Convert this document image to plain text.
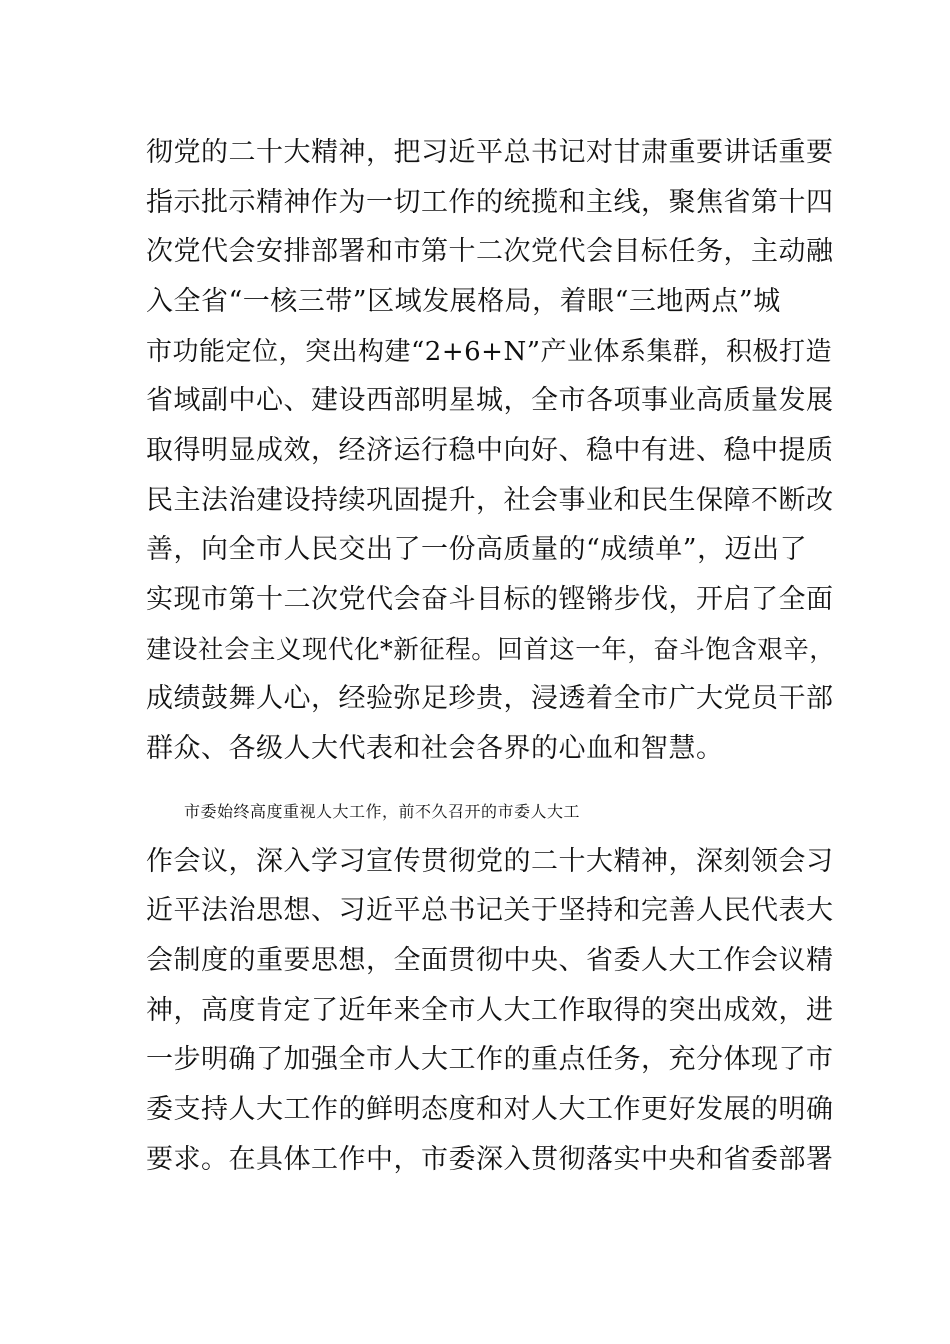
彻党的二十大精神，把习近平总书记对甘肃重要讲话重要
指示批示精神作为一切工作的统揽和主线，聚焦省第十四
次党代会安排部署和市第十二次党代会目标任务，主动融
入全省“一核三带”区域发展格局，着眼“三地两点”城
市功能定位，突出构建“2+6+N”产业体系集群，积极打造
省域副中心、建设西部明星城，全市各项事业高质量发展
取得明显成效，经济运行稳中向好、稳中有进、稳中提质
民主法治建设持续巩固提升，社会事业和民生保障不断改
善，向全市人民交出了一份高质量的“成绩单”，迈出了
实现市第十二次党代会奋斗目标的铿锵步伐，开启了全面
建设社会主义现代化*新征程。回首这一年，奋斗饱含艰辛，
成绩鼓舞人心，经验弥足珍贵，浸透着全市广大党员干部
群众、各级人大代表和社会各界的心血和智慧。
市委始终高度重视人大工作，前不久召开的市委人大工
作会议，深入学习宣传贯彻党的二十大精神，深刻领会习
近平法治思想、习近平总书记关于坚持和完善人民代表大
会制度的重要思想，全面贯彻中央、省委人大工作会议精
神，高度肯定了近年来全市人大工作取得的突出成效，进
一步明确了加强全市人大工作的重点任务，充分体现了市
委支持人大工作的鲜明态度和对人大工作更好发展的明确
要求。在具体工作中，市委深入贯彻落实中央和省委部署
